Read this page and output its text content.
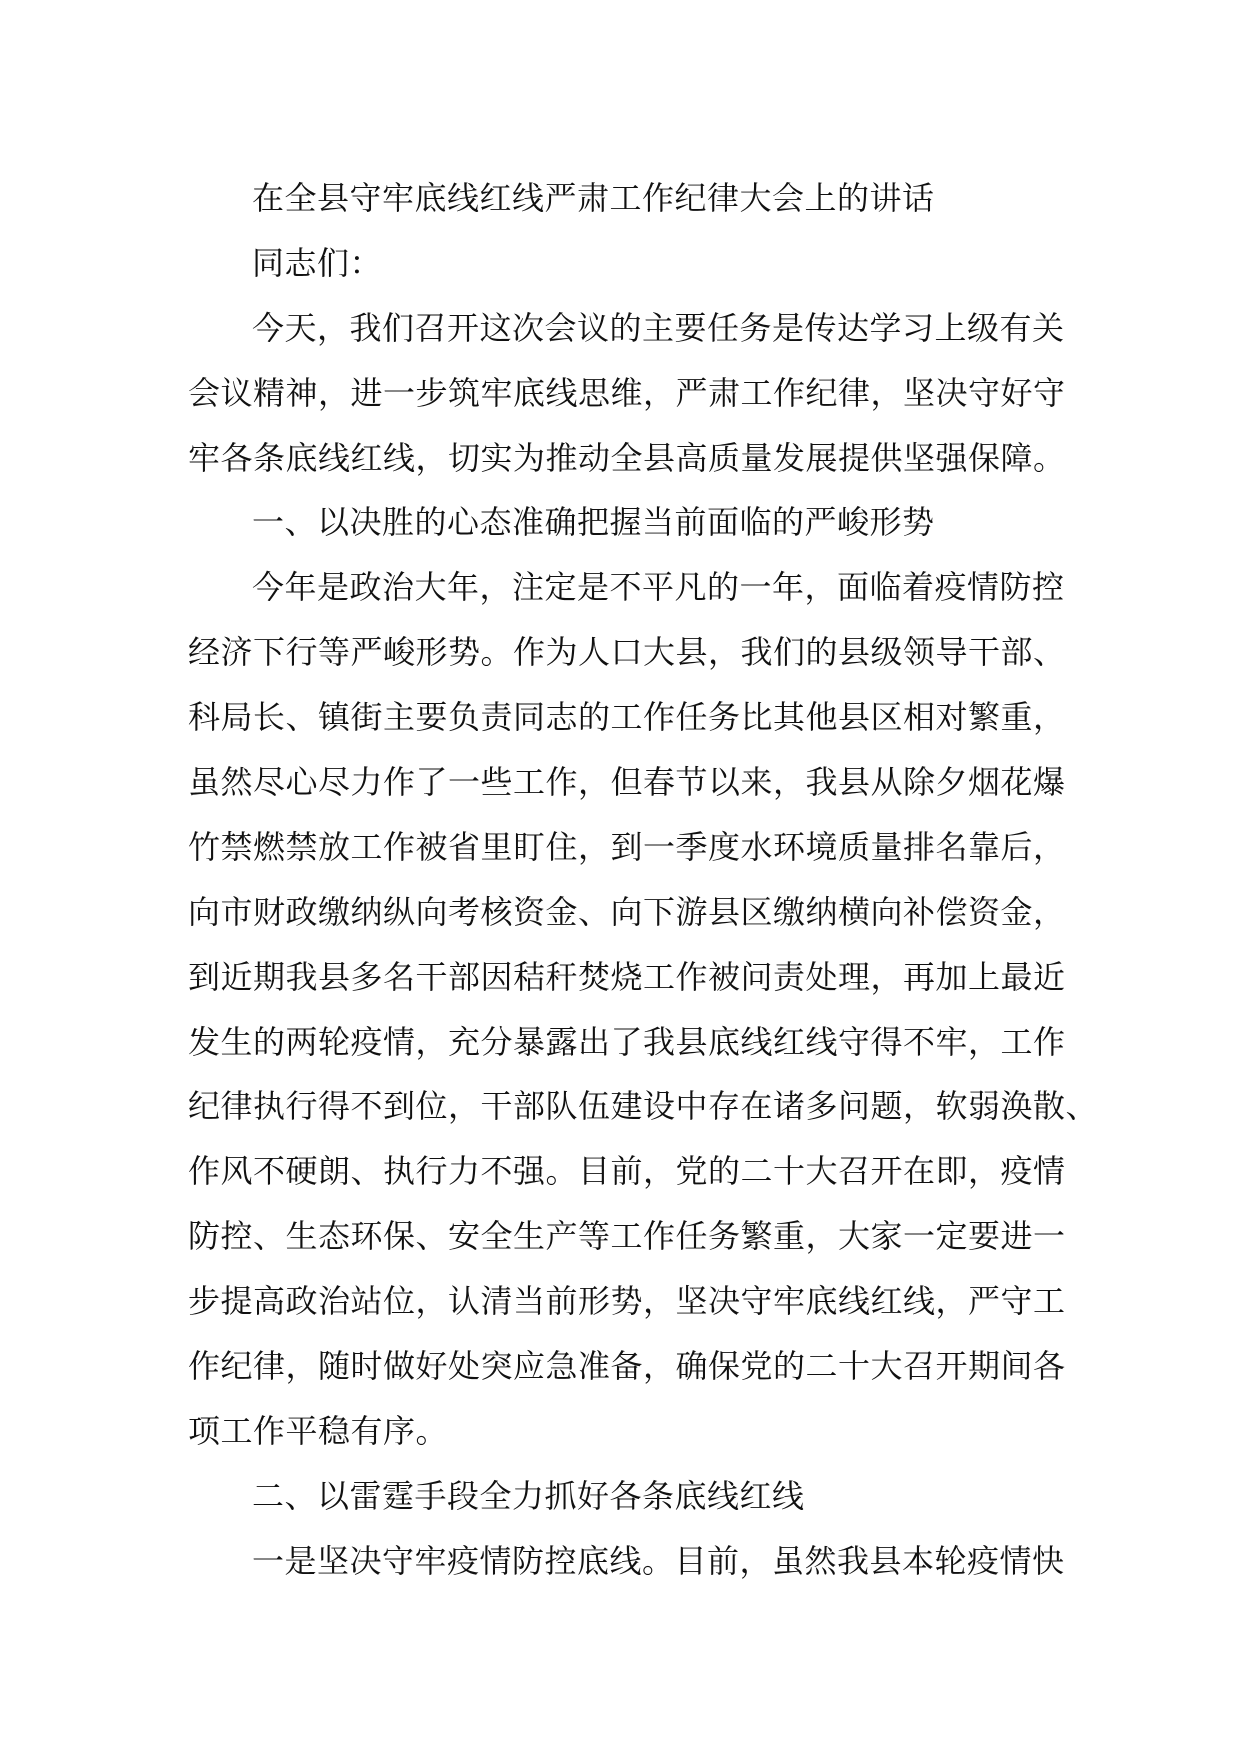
在全县守牢底线红线严肃工作纪律大会上的讲话
同志们：
今天，我们召开这次会议的主要任务是传达学习上级有关
会议精神，进一步筑牢底线思维，严肃工作纪律，坚决守好守
牢各条底线红线，切实为推动全县高质量发展提供坚强保障。
一、以决胜的心态准确把握当前面临的严峻形势
今年是政治大年，注定是不平凡的一年，面临着疫情防控
经济下行等严峻形势。作为人口大县，我们的县级领导干部、
科局长、镇街主要负责同志的工作任务比其他县区相对繁重，
虽然尽心尽力作了一些工作，但春节以来，我县从除夕烟花爆
竹禁燃禁放工作被省里盯住，到一季度水环境质量排名靠后，
向市财政缴纳纵向考核资金、向下游县区缴纳横向补偿资金，
到近期我县多名干部因秸秆焚烧工作被问责处理，再加上最近
发生的两轮疫情，充分暴露出了我县底线红线守得不牢，工作
纪律执行得不到位，干部队伍建设中存在诸多问题，软弱涣散、
作风不硬朗、执行力不强。目前，党的二十大召开在即，疫情
防控、生态环保、安全生产等工作任务繁重，大家一定要进一
步提高政治站位，认清当前形势，坚决守牢底线红线，严守工
作纪律，随时做好处突应急准备，确保党的二十大召开期间各
项工作平稳有序。
二、以雷霆手段全力抓好各条底线红线
一是坚决守牢疫情防控底线。目前，虽然我县本轮疫情快
